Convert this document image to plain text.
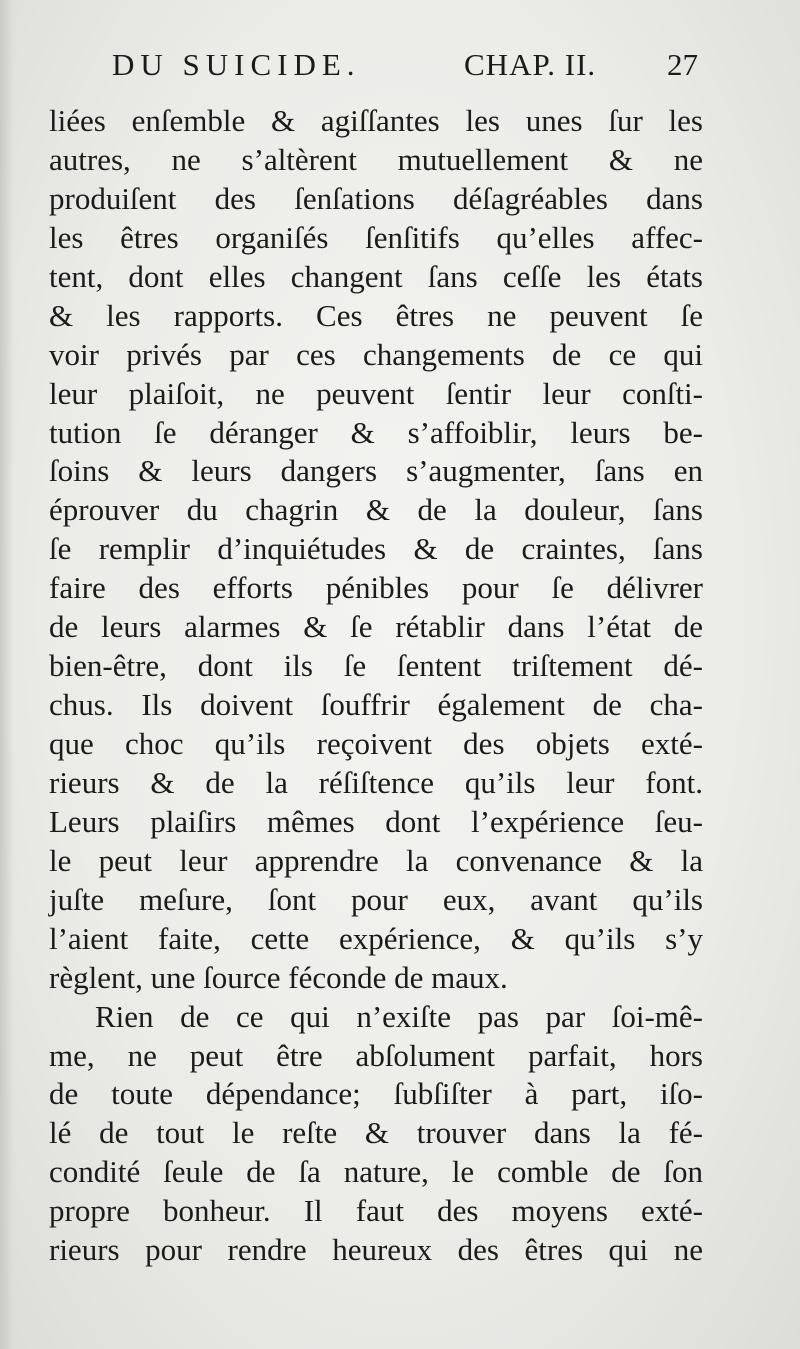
DU SUICIDE.	CHAP. II. 27
liées enſemble & agiſſantes les unes ſur les
autres, ne s’altèrent mutuellement & ne
produiſent des ſenſations déſagréables dans
les êtres organiſés ſenſitifs qu’elles affec-
tent, dont elles changent ſans ceſſe les états
& les rapports. Ces êtres ne peuvent ſe
voir privés par ces changements de ce qui
leur plaiſoit, ne peuvent ſentir leur conſti-
tution ſe déranger & s’affoiblir, leurs be-
ſoins & leurs dangers s’augmenter, ſans en
éprouver du chagrin & de la douleur, ſans
ſe remplir d’inquiétudes & de craintes, ſans
faire des efforts pénibles pour ſe délivrer
de leurs alarmes & ſe rétablir dans l’état de
bien-être, dont ils ſe ſentent triſtement dé-
chus. Ils doivent ſouffrir également de cha-
que choc qu’ils reçoivent des objets exté-
rieurs & de la réſiſtence qu’ils leur font.
Leurs plaiſirs mêmes dont l’expérience ſeu-
le peut leur apprendre la convenance & la
juſte meſure, ſont pour eux, avant qu’ils
l’aient faite, cette expérience, & qu’ils s’y
règlent, une ſource féconde de maux.
Rien de ce qui n’exiſte pas par ſoi-mê-
me, ne peut être abſolument parfait, hors
de toute dépendance; ſubſiſter à part, iſo-
lé de tout le reſte & trouver dans la fé-
condité ſeule de ſa nature, le comble de ſon
propre bonheur. Il faut des moyens exté-
rieurs pour rendre heureux des êtres qui ne
